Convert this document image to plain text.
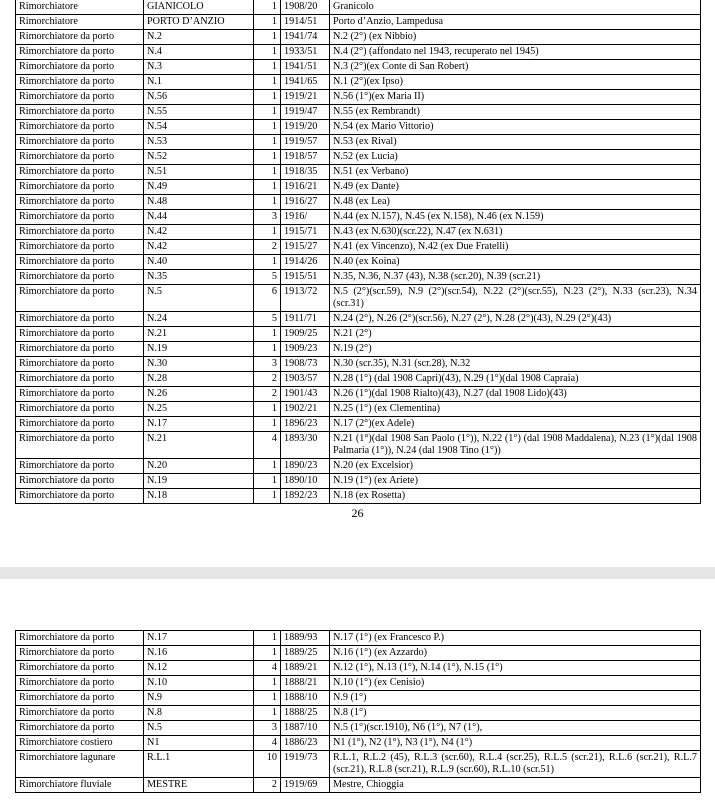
Rimorchiatore	GIANICOLO	1	1908/20	Granicolo
Rimorchiatore	PORTO D’ANZIO	1	1914/51	Porto d’Anzio, Lampedusa
Rimorchiatore da porto	N.2	1	1941/74	N.2 (2°) (ex Nibbio)
Rimorchiatore da porto	N.4	1	1933/51	N.4 (2°) (affondato nel 1943, recuperato nel 1945)
Rimorchiatore da porto	N.3	1	1941/51	N.3 (2°)(ex Conte di San Robert)
Rimorchiatore da porto	N.1	1	1941/65	N.1 (2°)(ex Ipso)
Rimorchiatore da porto	N.56	1	1919/21	N.56 (1°)(ex Maria II)
Rimorchiatore da porto	N.55	1	1919/47	N.55 (ex Rembrandt)
Rimorchiatore da porto	N.54	1	1919/20	N.54 (ex Mario Vittorio)
Rimorchiatore da porto	N.53	1	1919/57	N.53 (ex Rival)
Rimorchiatore da porto	N.52	1	1918/57	N.52 (ex Lucia)
Rimorchiatore da porto	N.51	1	1918/35	N.51 (ex Verbano)
Rimorchiatore da porto	N.49	1	1916/21	N.49 (ex Dante)
Rimorchiatore da porto	N.48	1	1916/27	N.48 (ex Lea)
Rimorchiatore da porto	N.44	3	1916/	N.44 (ex N.157), N.45 (ex N.158), N.46 (ex N.159)
Rimorchiatore da porto	N.42	1	1915/71	N.43 (ex N.630)(scr.22), N.47 (ex N.631)
Rimorchiatore da porto	N.42	2	1915/27	N.41 (ex Vincenzo), N.42 (ex Due Fratelli)
Rimorchiatore da porto	N.40	1	1914/26	N.40 (ex Koina)
Rimorchiatore da porto	N.35	5	1915/51	N.35, N.36, N.37 (43), N.38 (scr.20), N.39 (scr.21)
Rimorchiatore da porto	N.5	6	1913/72	N.5 (2°)(scr.59), N.9 (2°)(scr.54), N.22 (2°)(scr.55), N.23 (2°), N.33 (scr.23), N.34 (scr.31)
Rimorchiatore da porto	N.24	5	1911/71	N.24 (2°), N.26 (2°)(scr.56), N.27 (2°), N.28 (2°)(43), N.29 (2°)(43)
Rimorchiatore da porto	N.21	1	1909/25	N.21 (2°)
Rimorchiatore da porto	N.19	1	1909/23	N.19 (2°)
Rimorchiatore da porto	N.30	3	1908/73	N.30 (scr.35), N.31 (scr.28), N.32
Rimorchiatore da porto	N.28	2	1903/57	N.28 (1°) (dal 1908 Capri)(43), N.29 (1°)(dal 1908 Capraia)
Rimorchiatore da porto	N.26	2	1901/43	N.26 (1°)(dal 1908 Rialto)(43), N.27 (dal 1908 Lido)(43)
Rimorchiatore da porto	N.25	1	1902/21	N.25 (1°) (ex Clementina)
Rimorchiatore da porto	N.17	1	1896/23	N.17 (2°)(ex Adele)
Rimorchiatore da porto	N.21	4	1893/30	N.21 (1°)(dal 1908 San Paolo (1°)), N.22 (1°) (dal 1908 Maddalena), N.23 (1°)(dal 1908 Palmaria (1°)), N.24 (dal 1908 Tino (1°))
Rimorchiatore da porto	N.20	1	1890/23	N.20 (ex Excelsior)
Rimorchiatore da porto	N.19	1	1890/10	N.19 (1°) (ex Ariete)
Rimorchiatore da porto	N.18	1	1892/23	N.18 (ex Rosetta)
26
Rimorchiatore da porto	N.17	1	1889/93	N.17 (1°) (ex Francesco P.)
Rimorchiatore da porto	N.16	1	1889/25	N.16 (1°) (ex Azzardo)
Rimorchiatore da porto	N.12	4	1889/21	N.12 (1°), N.13 (1°), N.14 (1°), N.15 (1°)
Rimorchiatore da porto	N.10	1	1888/21	N.10 (1°) (ex Cenisio)
Rimorchiatore da porto	N.9	1	1888/10	N.9 (1°)
Rimorchiatore da porto	N.8	1	1888/25	N.8 (1°)
Rimorchiatore da porto	N.5	3	1887/10	N.5 (1°)(scr.1910), N6 (1°), N7 (1°),
Rimorchiatore costiero	N1	4	1886/23	N1 (1°), N2 (1°), N3 (1°), N4 (1°)
Rimorchiatore lagunare	R.L.1	10	1919/73	R.L.1, R.L.2 (45), R.L.3 (scr.60), R.L.4 (scr.25), R.L.5 (scr.21), R.L.6 (scr.21), R.L.7 (scr.21), R.L.8 (scr.21), R.L.9 (scr.60), R.L.10 (scr.51)
Rimorchiatore fluviale	MESTRE	2	1919/69	Mestre, Chioggia
